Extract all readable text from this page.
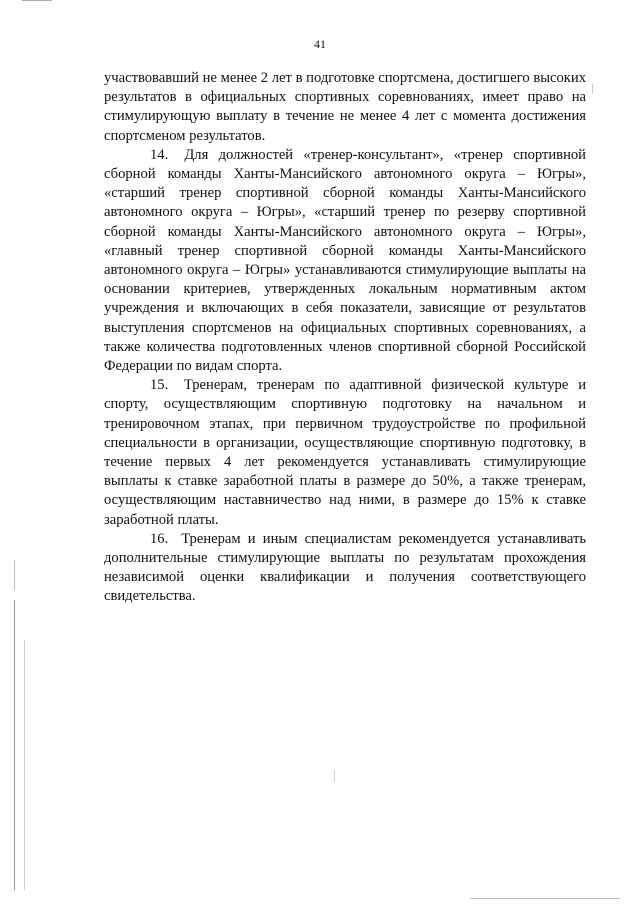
41

участвовавший не менее 2 лет в подготовке спортсмена, достигшего высоких результатов в официальных спортивных соревнованиях, имеет право на стимулирующую выплату в течение не менее 4 лет с момента достижения спортсменом результатов.

14. Для должностей «тренер-консультант», «тренер спортивной сборной команды Ханты-Мансийского автономного округа – Югры», «старший тренер спортивной сборной команды Ханты-Мансийского автономного округа – Югры», «старший тренер по резерву спортивной сборной команды Ханты-Мансийского автономного округа – Югры», «главный тренер спортивной сборной команды Ханты-Мансийского автономного округа – Югры» устанавливаются стимулирующие выплаты на основании критериев, утвержденных локальным нормативным актом учреждения и включающих в себя показатели, зависящие от результатов выступления спортсменов на официальных спортивных соревнованиях, а также количества подготовленных членов спортивной сборной Российской Федерации по видам спорта.

15. Тренерам, тренерам по адаптивной физической культуре и спорту, осуществляющим спортивную подготовку на начальном и тренировочном этапах, при первичном трудоустройстве по профильной специальности в организации, осуществляющие спортивную подготовку, в течение первых 4 лет рекомендуется устанавливать стимулирующие выплаты к ставке заработной платы в размере до 50%, а также тренерам, осуществляющим наставничество над ними, в размере до 15% к ставке заработной платы.

16. Тренерам и иным специалистам рекомендуется устанавливать дополнительные стимулирующие выплаты по результатам прохождения независимой оценки квалификации и получения соответствующего свидетельства.
